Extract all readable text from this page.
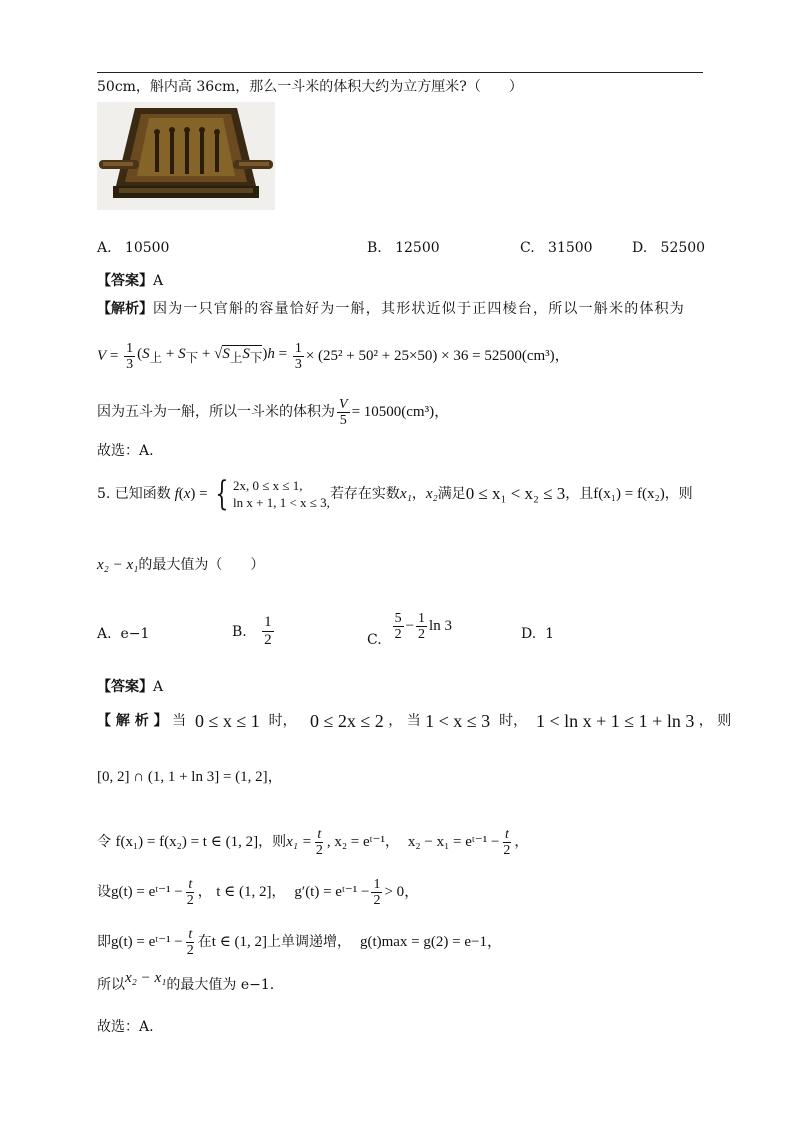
50cm，斛内高 36cm，那么一斗米的体积大约为立方厘米?（　　）
A. 10500	B. 12500	C. 31500	D. 52500
【答案】A
【解析】因为一只官斛的容量恰好为一斛，其形状近似于正四棱台，所以一斛米的体积为
$V = \frac{1}{3} (S_上 + S_下 + √S_上S_下)h = \frac{1}{3} \times (25^2 + 50^2 + 25\times 50) \times 36 = 52500(cm^3)$，
因为五斗为一斛，所以一斗米的体积为 $\frac{V}{5} = 10500(cm^3)$，
故选：A.
5. 已知函数 f(x) = { 2x, 0 ≤ x ≤ 1,
ln x + 1, 1 < x ≤ 3,
若存在实数 x₁ ， x₂ 满足 0 ≤ x₁ < x₂ ≤ 3 ，且 f(x₁) = f(x₂) ，则
x₂ − x₁的最大值为（　　）
A. e−1	B.
$\frac{1}{2}$	C.
$\frac{5}{2} - \frac{1}{2}$ ln 3
D. 1
【答案】A
【 解 析 】
当
0 ≤ x ≤ 1
时 ， 0 ≤ 2x ≤ 2 ， 当
1 < x ≤ 3
时 ， 1 < ln x + 1 ≤ 1 + ln 3 ， 则
[0, 2] ∩ (1, 1 + ln 3] = (1, 2]，
令
f(x₁) = f(x₂) = t ∈ (1, 2] ，则 $x_1 = \frac{t}{2}$ , x₂ = eᵗ⁻¹ ， x₂ − x₁ = eᵗ⁻¹ − $\frac{t}{2}$ ，
设 g(t) = eᵗ⁻¹ − $\frac{t}{2}$ ， t ∈ (1, 2] ， g′(t) = eᵗ⁻¹ − $\frac{1}{2} > 0$，
即 g(t) = eᵗ⁻¹ − $\frac{t}{2}$ 在 t ∈ (1, 2] 上单调递增，
g(t)max = g(2) = e−1，
所以 x₂ − x₁ 的最大值为 e−1.
故选：A.
